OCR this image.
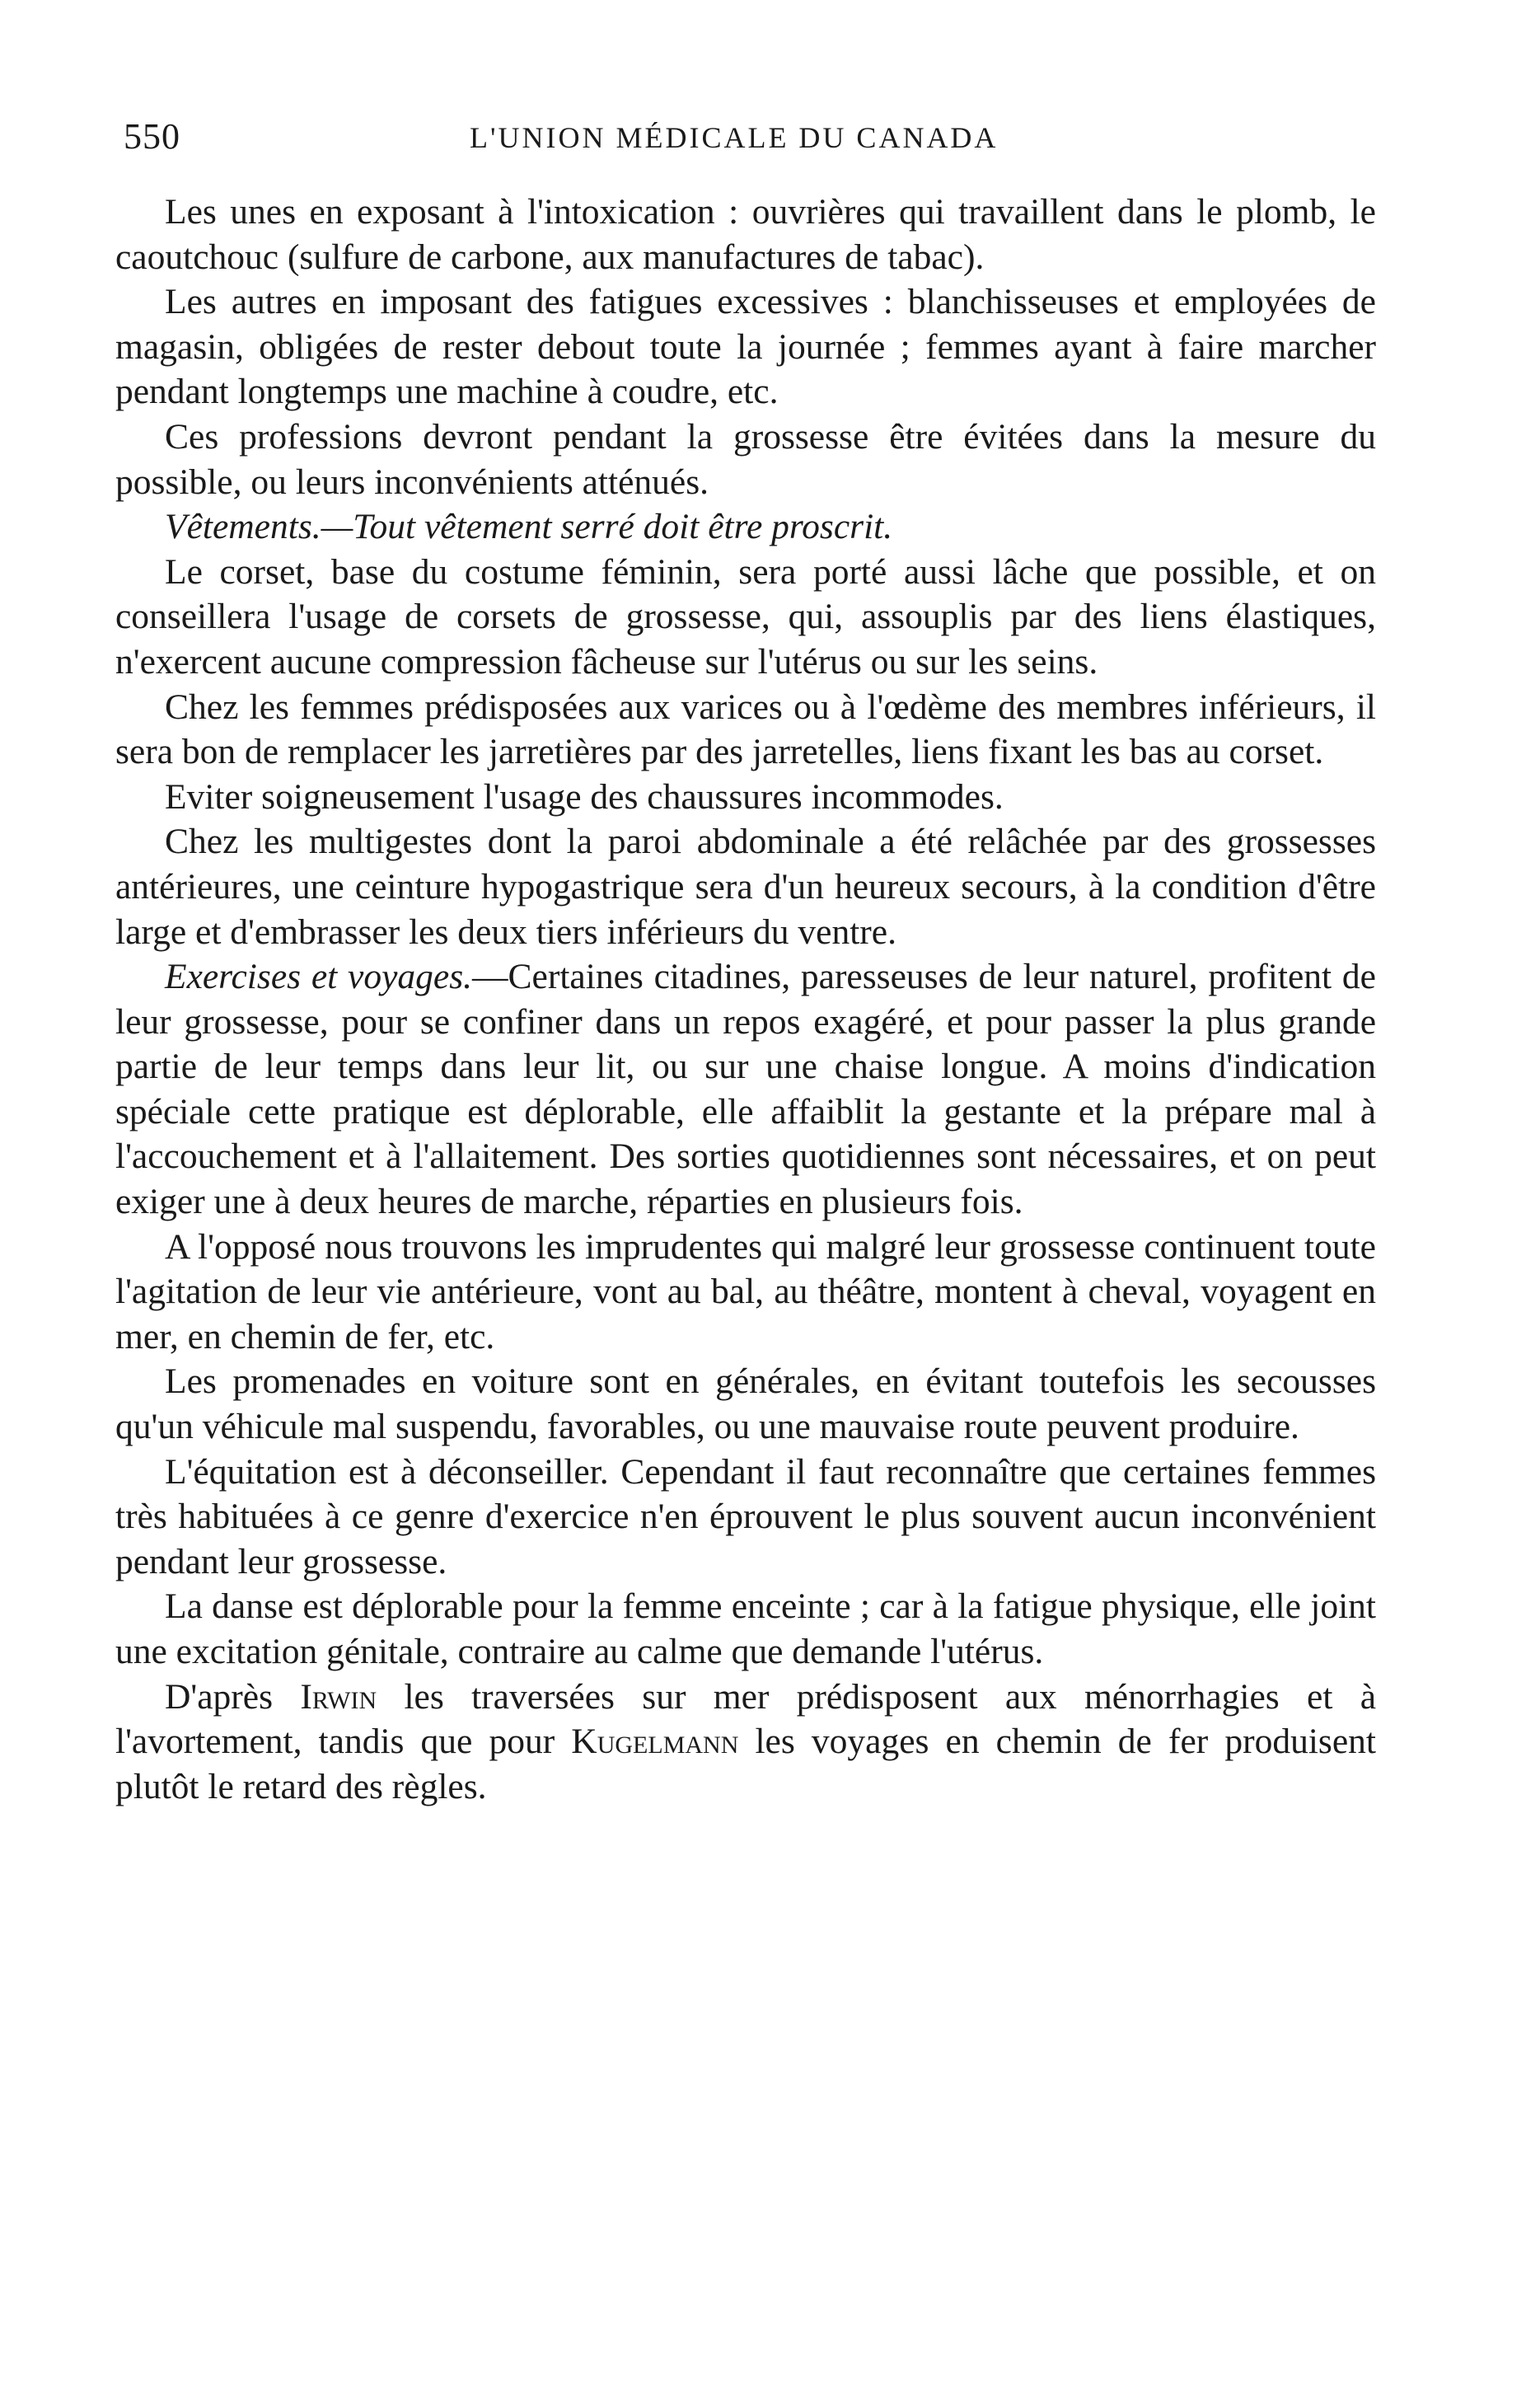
550	L'UNION MÉDICALE DU CANADA

Les unes en exposant à l'intoxication : ouvrières qui travaillent dans le plomb, le caoutchouc (sulfure de carbone, aux manufactures de tabac).

Les autres en imposant des fatigues excessives : blanchisseuses et employées de magasin, obligées de rester debout toute la journée ; femmes ayant à faire marcher pendant longtemps une machine à coudre, etc.

Ces professions devront pendant la grossesse être évitées dans la mesure du possible, ou leurs inconvénients atténués.

Vêtements.—Tout vêtement serré doit être proscrit.

Le corset, base du costume féminin, sera porté aussi lâche que possible, et on conseillera l'usage de corsets de grossesse, qui, assouplis par des liens élastiques, n'exercent aucune compression fâcheuse sur l'utérus ou sur les seins.

Chez les femmes prédisposées aux varices ou à l'œdème des membres inférieurs, il sera bon de remplacer les jarretières par des jarretelles, liens fixant les bas au corset.

Eviter soigneusement l'usage des chaussures incommodes.

Chez les multigestes dont la paroi abdominale a été relâchée par des grossesses antérieures, une ceinture hypogastrique sera d'un heureux secours, à la condition d'être large et d'embrasser les deux tiers inférieurs du ventre.

Exercises et voyages.—Certaines citadines, paresseuses de leur naturel, profitent de leur grossesse, pour se confiner dans un repos exagéré, et pour passer la plus grande partie de leur temps dans leur lit, ou sur une chaise longue. A moins d'indication spéciale cette pratique est déplorable, elle affaiblit la gestante et la prépare mal à l'accouchement et à l'allaitement. Des sorties quotidiennes sont nécessaires, et on peut exiger une à deux heures de marche, réparties en plusieurs fois.

A l'opposé nous trouvons les imprudentes qui malgré leur grossesse continuent toute l'agitation de leur vie antérieure, vont au bal, au théâtre, montent à cheval, voyagent en mer, en chemin de fer, etc.

Les promenades en voiture sont en générales, en évitant toutefois les secousses qu'un véhicule mal suspendu, favorables, ou une mauvaise route peuvent produire.

L'équitation est à déconseiller. Cependant il faut reconnaître que certaines femmes très habituées à ce genre d'exercice n'en éprouvent le plus souvent aucun inconvénient pendant leur grossesse.

La danse est déplorable pour la femme enceinte ; car à la fatigue physique, elle joint une excitation génitale, contraire au calme que demande l'utérus.

D'après Irwin les traversées sur mer prédisposent aux ménorrhagies et à l'avortement, tandis que pour Kugelmann les voyages en chemin de fer produisent plutôt le retard des règles.
